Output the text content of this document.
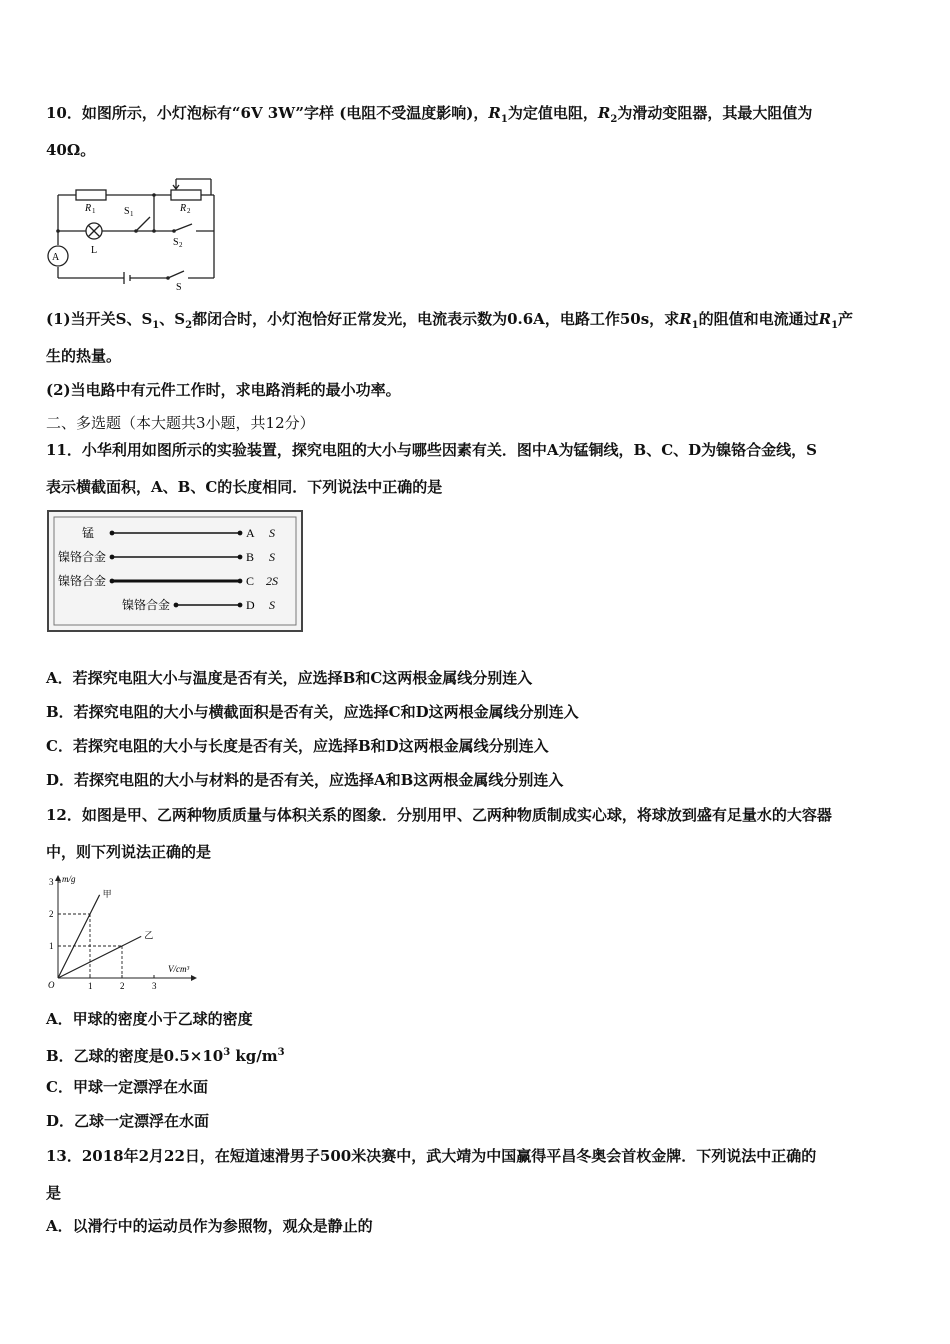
10．如图所示，小灯泡标有“6V 3W”字样 (电阻不受温度影响)，$R_1$为定值电阻，$R_2$为滑动变阻器，其最大阻值为
40Ω。
A
R 1	R 2
S 1
S 2
L
S
(1)当开关S、$S_1$、$S_2$都闭合时，小灯泡恰好正常发光，电流表示数为0.6A，电路工作50s，求$R_1$的阻值和电流通过$R_1$产
生的热量。
(2)当电路中有元件工作时，求电路消耗的最小功率。
二、多选题（本大题共3小题，共12分）
11．小华利用如图所示的实验装置，探究电阻的大小与哪些因素有关．图中A为锰铜线，B、C、D为镍铬合金线，S
表示横截面积，A、B、C的长度相同．下列说法中正确的是
锰
镍铬合金
镍铬合金
镍铬合金
A
B
C
D
S
S
2S
S
A．若探究电阻大小与温度是否有关，应选择B和C这两根金属线分别连入
B．若探究电阻的大小与横截面积是否有关，应选择C和D这两根金属线分别连入
C．若探究电阻的大小与长度是否有关，应选择B和D这两根金属线分别连入
D．若探究电阻的大小与材料的是否有关，应选择A和B这两根金属线分别连入
12．如图是甲、乙两种物质质量与体积关系的图象．分别用甲、乙两种物质制成实心球，将球放到盛有足量水的大容器
中，则下列说法正确的是
O
m/g
V/cm³
1	2	3
1
2
3
甲
乙
A．甲球的密度小于乙球的密度
B．乙球的密度是$0.5\times 10^3$ $kg/m^3$
C．甲球一定漂浮在水面
D．乙球一定漂浮在水面
13．2018年2月22日，在短道速滑男子500米决赛中，武大靖为中国赢得平昌冬奥会首枚金牌．下列说法中正确的
是
A．以滑行中的运动员作为参照物，观众是静止的
